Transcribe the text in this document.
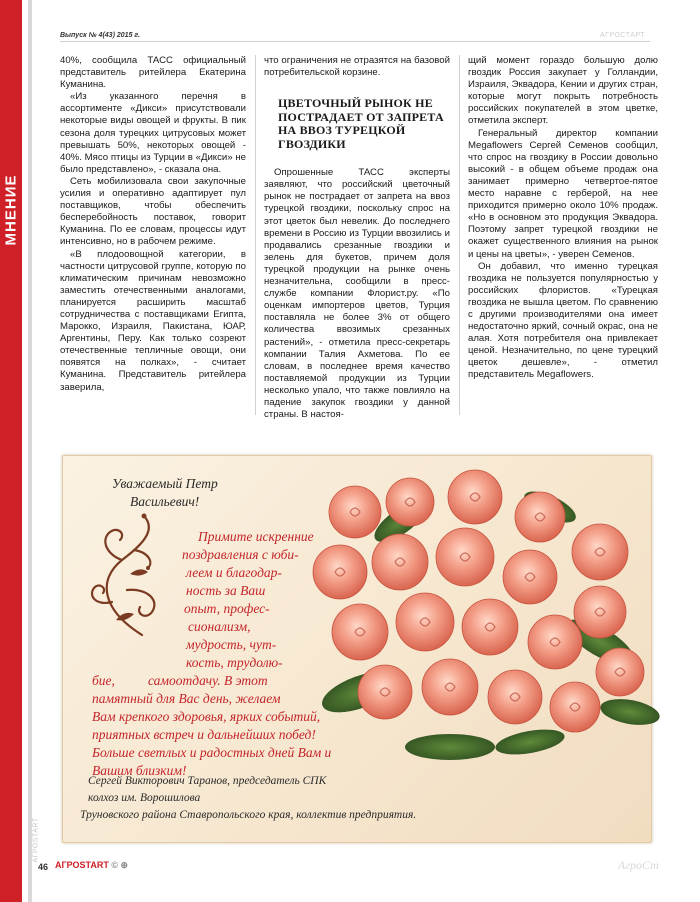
МНЕНИЕ
АГРОSTART
Выпуск № 4(43) 2015 г.	АГРОСТАРТ

40%, сообщила ТАСС официальный представитель ритейлера Екатерина Куманина.

«Из указанного перечня в ассортименте «Дикси» присутствовали некоторые виды овощей и фрукты. В пик сезона доля турецких цитрусовых может превышать 50%, некоторых овощей - 40%. Мясо птицы из Турции в «Дикси» не было представлено», - сказала она.

Сеть мобилизовала свои закупочные усилия и оперативно адаптирует пул поставщиков, чтобы обеспечить бесперебойность поставок, говорит Куманина. По ее словам, процессы идут интенсивно, но в рабочем режиме.

«В плодоовощной категории, в частности цитрусовой группе, которую по климатическим причинам невозможно заместить отечественными аналогами, планируется расширить масштаб сотрудничества с поставщиками Египта, Марокко, Израиля, Пакистана, ЮАР, Аргентины, Перу. Как только созреют отечественные тепличные овощи, они появятся на полках», - считает Куманина. Представитель ритейлера заверила,

что ограничения не отразятся на базовой потребительской корзине.

ЦВЕТОЧНЫЙ РЫНОК НЕ ПОСТРАДАЕТ ОТ ЗАПРЕТА НА ВВОЗ ТУРЕЦКОЙ ГВОЗДИКИ

Опрошенные ТАСС эксперты заявляют, что российский цветочный рынок не пострадает от запрета на ввоз турецкой гвоздики, поскольку спрос на этот цветок был невелик. До последнего времени в Россию из Турции ввозились и продавались срезанные гвоздики и зелень для букетов, причем доля турецкой продукции на рынке очень незначительна, сообщили в пресс-службе компании Флорист.ру. «По оценкам импортеров цветов, Турция поставляла не более 3% от общего количества ввозимых срезанных растений», - отметила пресс-секретарь компании Талия Ахметова. По ее словам, в последнее время качество поставляемой продукции из Турции несколько упало, что также повлияло на падение закупок гвоздики у данной страны. В настоя-

щий момент гораздо большую долю гвоздик Россия закупает у Голландии, Израиля, Эквадора, Кении и других стран, которые могут покрыть потребность российских покупателей в этом цветке, отметила эксперт.

Генеральный директор компании Megaflowers Сергей Семенов сообщил, что спрос на гвоздику в России довольно высокий - в общем объеме продаж она занимает примерно четвертое-пятое место наравне с герберой, на нее приходится примерно около 10% продаж. «Но в основном это продукция Эквадора. Поэтому запрет турецкой гвоздики не окажет существенного влияния на рынок и цены на цветы», - уверен Семенов.

Он добавил, что именно турецкая гвоздика не пользуется популярностью у российских флористов. «Турецкая гвоздика не вышла цветом. По сравнению с другими производителями она имеет недостаточно яркий, сочный окрас, она не алая. Хотя потребителя она привлекает ценой. Незначительно, по цене турецкий цветок дешевле», - отметил представитель Megaflowers.

Уважаемый Петр
Васильевич!
Примите искренние
поздравления с юби-
леем и благодар-
ность за Ваш
опыт, профес-
сионализм,
мудрость, чут-
кость, трудолю-
бие, самоотдачу. В этот
памятный для Вас день, желаем
Вам крепкого здоровья, ярких событий,
приятных встреч и дальнейших побед!
Больше светлых и радостных дней Вам и
Вашим близким!
Сергей Викторович Таранов, председатель СПК
колхоз им. Ворошилова
Труновского района Ставропольского края, коллектив предприятия.
46 АГРОSTART © ⊕	АгроСт
